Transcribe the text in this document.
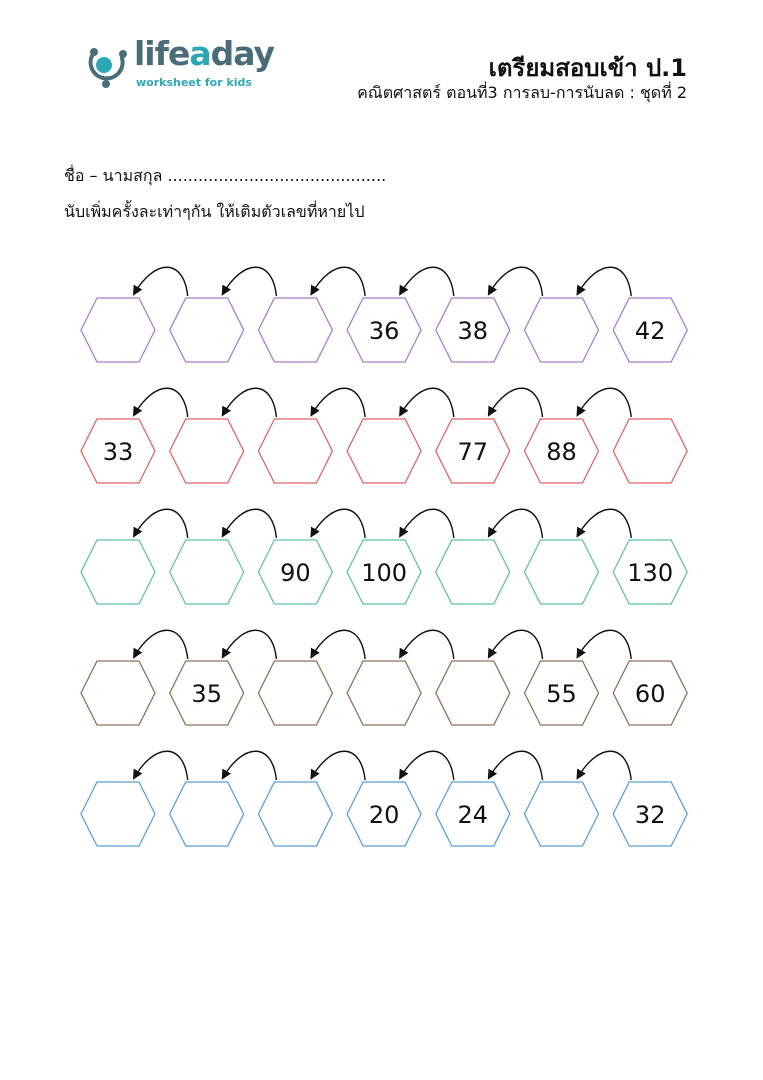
lifeaday
worksheet for kids
เตรียมสอบเข้า ป.1
คณิตศาสตร์ ตอนที่3 การลบ-การนับลด : ชุดที่ 2
ชื่อ – นามสกุล ...........................................
นับเพิ่มครั้งละเท่าๆกัน ให้เติมตัวเลขที่หายไป
36 38	42
33	77 88
90 100	130
35	55 60
20 24	32
